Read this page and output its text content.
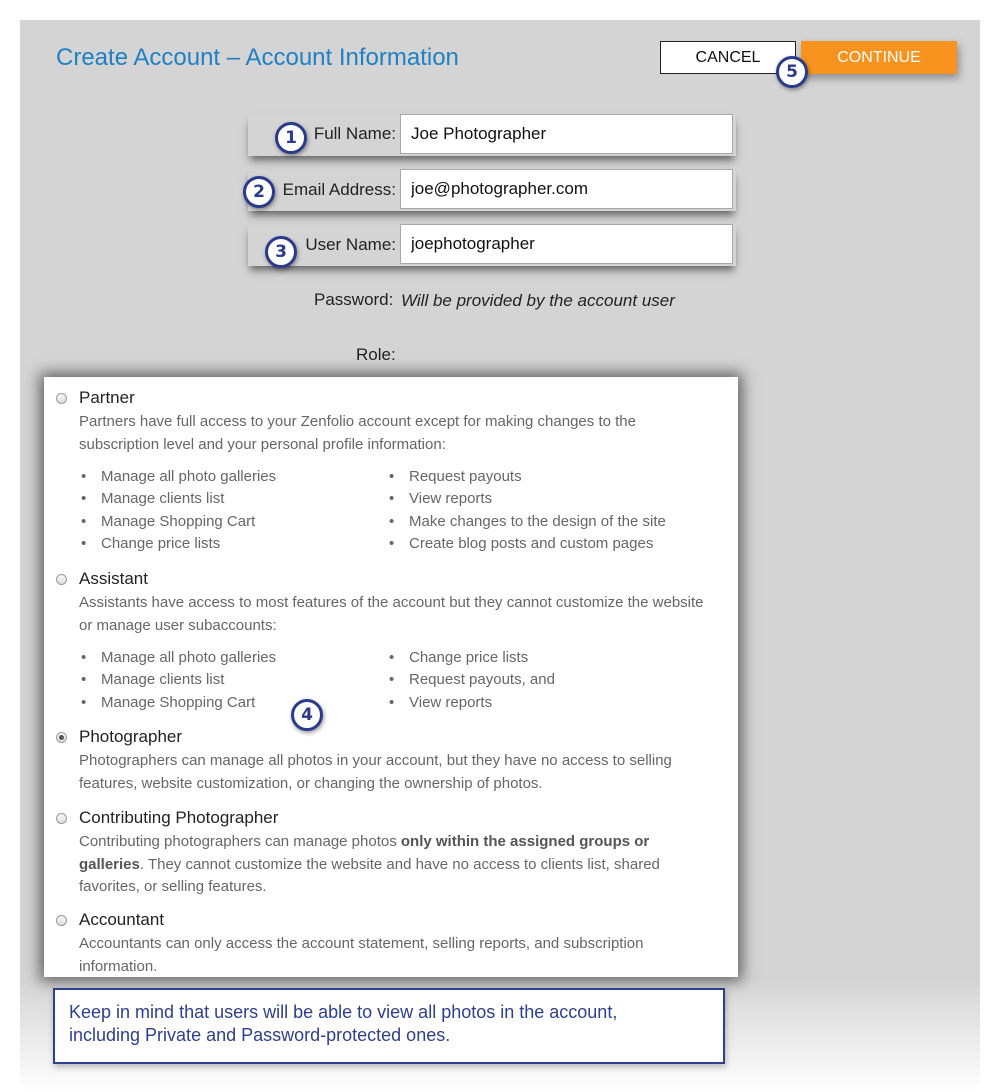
Create Account – Account Information	CANCEL	CONTINUE
Full Name:
Joe Photographer
Email Address:
joe@photographer.com
User Name:
joephotographer
Password: Will be provided by the account user
Role:
Partner

Partners have full access to your Zenfolio account except for making changes to the
subscription level and your personal profile information:

• Manage all photo galleries
• Manage clients list
• Manage Shopping Cart
• Change price lists
• Request payouts
• View reports
• Make changes to the design of the site
• Create blog posts and custom pages
Assistant

Assistants have access to most features of the account but they cannot customize the website
or manage user subaccounts:

• Manage all photo galleries
• Manage clients list
• Manage Shopping Cart
• Change price lists
• Request payouts, and
• View reports
Photographer

Photographers can manage all photos in your account, but they have no access to selling
features, website customization, or changing the ownership of photos.

Contributing Photographer

Contributing photographers can manage photos only within the assigned groups or
galleries. They cannot customize the website and have no access to clients list, shared
favorites, or selling features.

Accountant

Accountants can only access the account statement, selling reports, and subscription
information.

Keep in mind that users will be able to view all photos in the account,
including Private and Password-protected ones.
1
2
3
4
5
